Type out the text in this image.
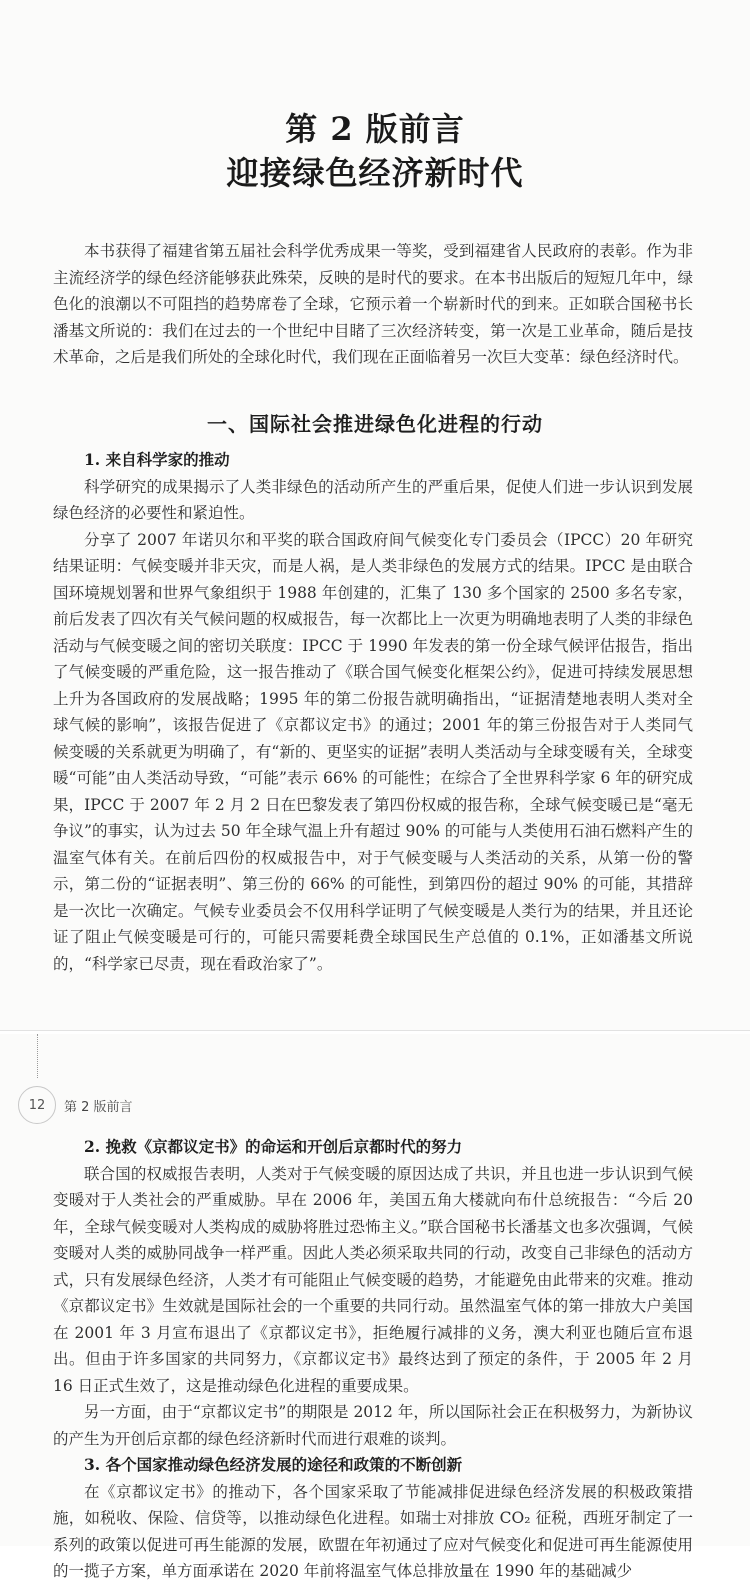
第 2 版前言
迎接绿色经济新时代

本书获得了福建省第五届社会科学优秀成果一等奖，受到福建省人民政府的表彰。作为非主流经济学的绿色经济能够获此殊荣，反映的是时代的要求。在本书出版后的短短几年中，绿色化的浪潮以不可阻挡的趋势席卷了全球，它预示着一个崭新时代的到来。正如联合国秘书长潘基文所说的：我们在过去的一个世纪中目睹了三次经济转变，第一次是工业革命，随后是技术革命，之后是我们所处的全球化时代，我们现在正面临着另一次巨大变革：绿色经济时代。

一、国际社会推进绿色化进程的行动

1. 来自科学家的推动

科学研究的成果揭示了人类非绿色的活动所产生的严重后果，促使人们进一步认识到发展绿色经济的必要性和紧迫性。

分享了 2007 年诺贝尔和平奖的联合国政府间气候变化专门委员会（IPCC）20 年研究结果证明：气候变暖并非天灾，而是人祸，是人类非绿色的发展方式的结果。IPCC 是由联合国环境规划署和世界气象组织于 1988 年创建的，汇集了 130 多个国家的 2500 多名专家，前后发表了四次有关气候问题的权威报告，每一次都比上一次更为明确地表明了人类的非绿色活动与气候变暖之间的密切关联度：IPCC 于 1990 年发表的第一份全球气候评估报告，指出了气候变暖的严重危险，这一报告推动了《联合国气候变化框架公约》，促进可持续发展思想上升为各国政府的发展战略；1995 年的第二份报告就明确指出，“证据清楚地表明人类对全球气候的影响”，该报告促进了《京都议定书》的通过；2001 年的第三份报告对于人类同气候变暖的关系就更为明确了，有“新的、更坚实的证据”表明人类活动与全球变暖有关，全球变暖“可能”由人类活动导致，“可能”表示 66% 的可能性；在综合了全世界科学家 6 年的研究成果，IPCC 于 2007 年 2 月 2 日在巴黎发表了第四份权威的报告称，全球气候变暖已是“毫无争议”的事实，认为过去 50 年全球气温上升有超过 90% 的可能与人类使用石油石燃料产生的温室气体有关。在前后四份的权威报告中，对于气候变暖与人类活动的关系，从第一份的警示，第二份的“证据表明”、第三份的 66% 的可能性，到第四份的超过 90% 的可能，其措辞是一次比一次确定。气候专业委员会不仅用科学证明了气候变暖是人类行为的结果，并且还论证了阻止气候变暖是可行的，可能只需要耗费全球国民生产总值的 0.1%，正如潘基文所说的，“科学家已尽责，现在看政治家了”。

12	第 2 版前言

2. 挽救《京都议定书》的命运和开创后京都时代的努力

联合国的权威报告表明，人类对于气候变暖的原因达成了共识，并且也进一步认识到气候变暖对于人类社会的严重威胁。早在 2006 年，美国五角大楼就向布什总统报告：“今后 20 年，全球气候变暖对人类构成的威胁将胜过恐怖主义。”联合国秘书长潘基文也多次强调，气候变暖对人类的威胁同战争一样严重。因此人类必须采取共同的行动，改变自己非绿色的活动方式，只有发展绿色经济，人类才有可能阻止气候变暖的趋势，才能避免由此带来的灾难。推动《京都议定书》生效就是国际社会的一个重要的共同行动。虽然温室气体的第一排放大户美国在 2001 年 3 月宣布退出了《京都议定书》，拒绝履行减排的义务，澳大利亚也随后宣布退出。但由于许多国家的共同努力，《京都议定书》最终达到了预定的条件，于 2005 年 2 月 16 日正式生效了，这是推动绿色化进程的重要成果。

另一方面，由于“京都议定书”的期限是 2012 年，所以国际社会正在积极努力，为新协议的产生为开创后京都的绿色经济新时代而进行艰难的谈判。

3. 各个国家推动绿色经济发展的途径和政策的不断创新

在《京都议定书》的推动下，各个国家采取了节能减排促进绿色经济发展的积极政策措施，如税收、保险、信贷等，以推动绿色化进程。如瑞士对排放 CO₂ 征税，西班牙制定了一系列的政策以促进可再生能源的发展，欧盟在年初通过了应对气候变化和促进可再生能源使用的一揽子方案，单方面承诺在 2020 年前将温室气体总排放量在 1990 年的基础减少
